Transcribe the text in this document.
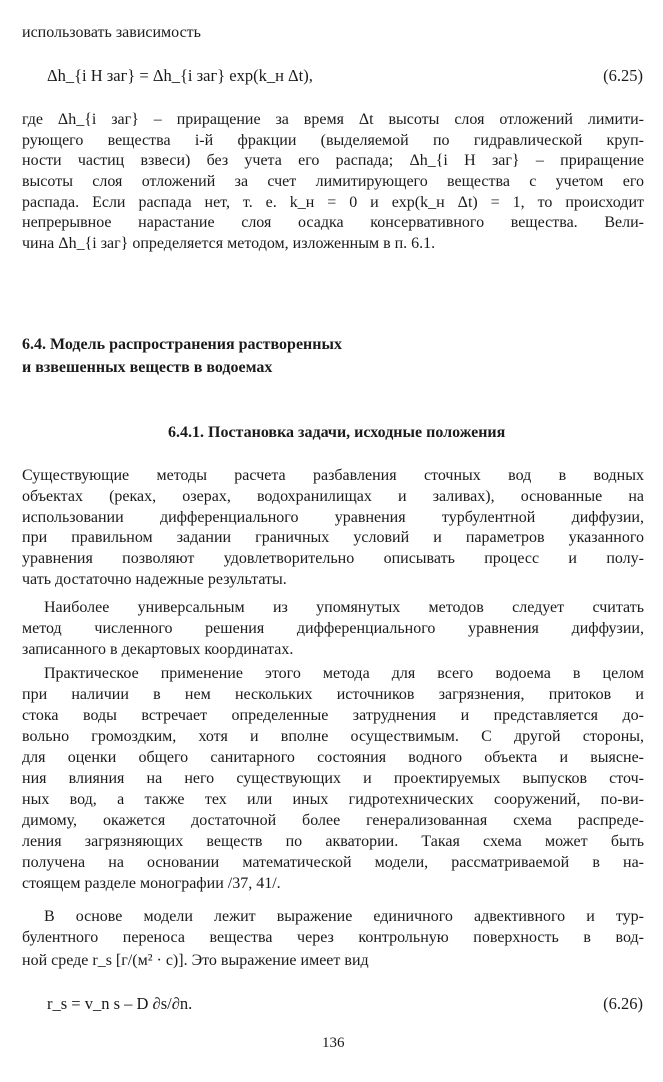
использовать зависимость
Δh_{i Н заг} = Δh_{i заг} exp(k_н Δt),	(6.25)
где Δh_{i заг} – приращение за время Δt высоты слоя отложений лимити-
рующего вещества i-й фракции (выделяемой по гидравлической круп-
ности частиц взвеси) без учета его распада; Δh_{i Н заг} – приращение
высоты слоя отложений за счет лимитирующего вещества с учетом его
распада. Если распада нет, т. е. k_н = 0 и exp(k_н Δt) = 1, то происходит
непрерывное нарастание слоя осадка консервативного вещества. Вели-
чина Δh_{i заг} определяется методом, изложенным в п. 6.1.
6.4. Модель распространения растворенных
и взвешенных веществ в водоемах
6.4.1. Постановка задачи, исходные положения
Существующие методы расчета разбавления сточных вод в водных
объектах (реках, озерах, водохранилищах и заливах), основанные на
использовании дифференциального уравнения турбулентной диффузии,
при правильном задании граничных условий и параметров указанного
уравнения позволяют удовлетворительно описывать процесс и полу-
чать достаточно надежные результаты.
Наиболее универсальным из упомянутых методов следует считать
метод численного решения дифференциального уравнения диффузии,
записанного в декартовых координатах.
Практическое применение этого метода для всего водоема в целом
при наличии в нем нескольких источников загрязнения, притоков и
стока воды встречает определенные затруднения и представляется до-
вольно громоздким, хотя и вполне осуществимым. С другой стороны,
для оценки общего санитарного состояния водного объекта и выясне-
ния влияния на него существующих и проектируемых выпусков сточ-
ных вод, а также тех или иных гидротехнических сооружений, по-ви-
димому, окажется достаточной более генерализованная схема распреде-
ления загрязняющих веществ по акватории. Такая схема может быть
получена на основании математической модели, рассматриваемой в на-
стоящем разделе монографии /37, 41/.
В основе модели лежит выражение единичного адвективного и тур-
булентного переноса вещества через контрольную поверхность в вод-
ной среде r_s [г/(м² · с)]. Это выражение имеет вид
r_s = v_n s – D ∂s/∂n.	(6.26)
136
